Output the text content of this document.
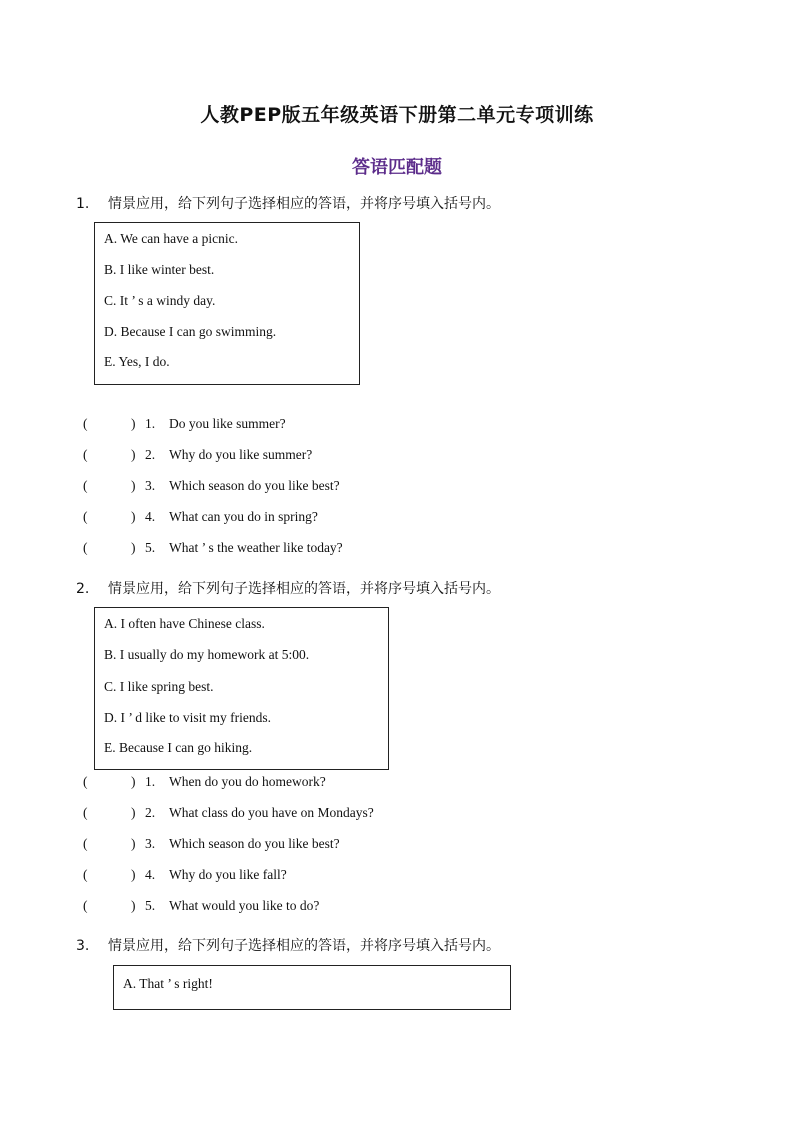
人教PEP版五年级英语下册第二单元专项训练
答语匹配题
1. 情景应用，给下列句子选择相应的答语，并将序号填入括号内。
A. We can have a picnic.
B. I like winter best.
C. It ’ s a windy day.
D. Because I can go swimming.
E. Yes, I do.
(	) 1. Do you like summer?
(	) 2. Why do you like summer?
(	) 3. Which season do you like best?
(	) 4. What can you do in spring?
(	) 5. What ’ s the weather like today?
2. 情景应用，给下列句子选择相应的答语，并将序号填入括号内。
A. I often have Chinese class.
B. I usually do my homework at 5:00.
C. I like spring best.
D. I ’ d like to visit my friends.
E. Because I can go hiking.
(	) 1. When do you do homework?
(	) 2. What class do you have on Mondays?
(	) 3. Which season do you like best?
(	) 4. Why do you like fall?
(	) 5. What would you like to do?
3. 情景应用，给下列句子选择相应的答语，并将序号填入括号内。
A. That ’ s right!
